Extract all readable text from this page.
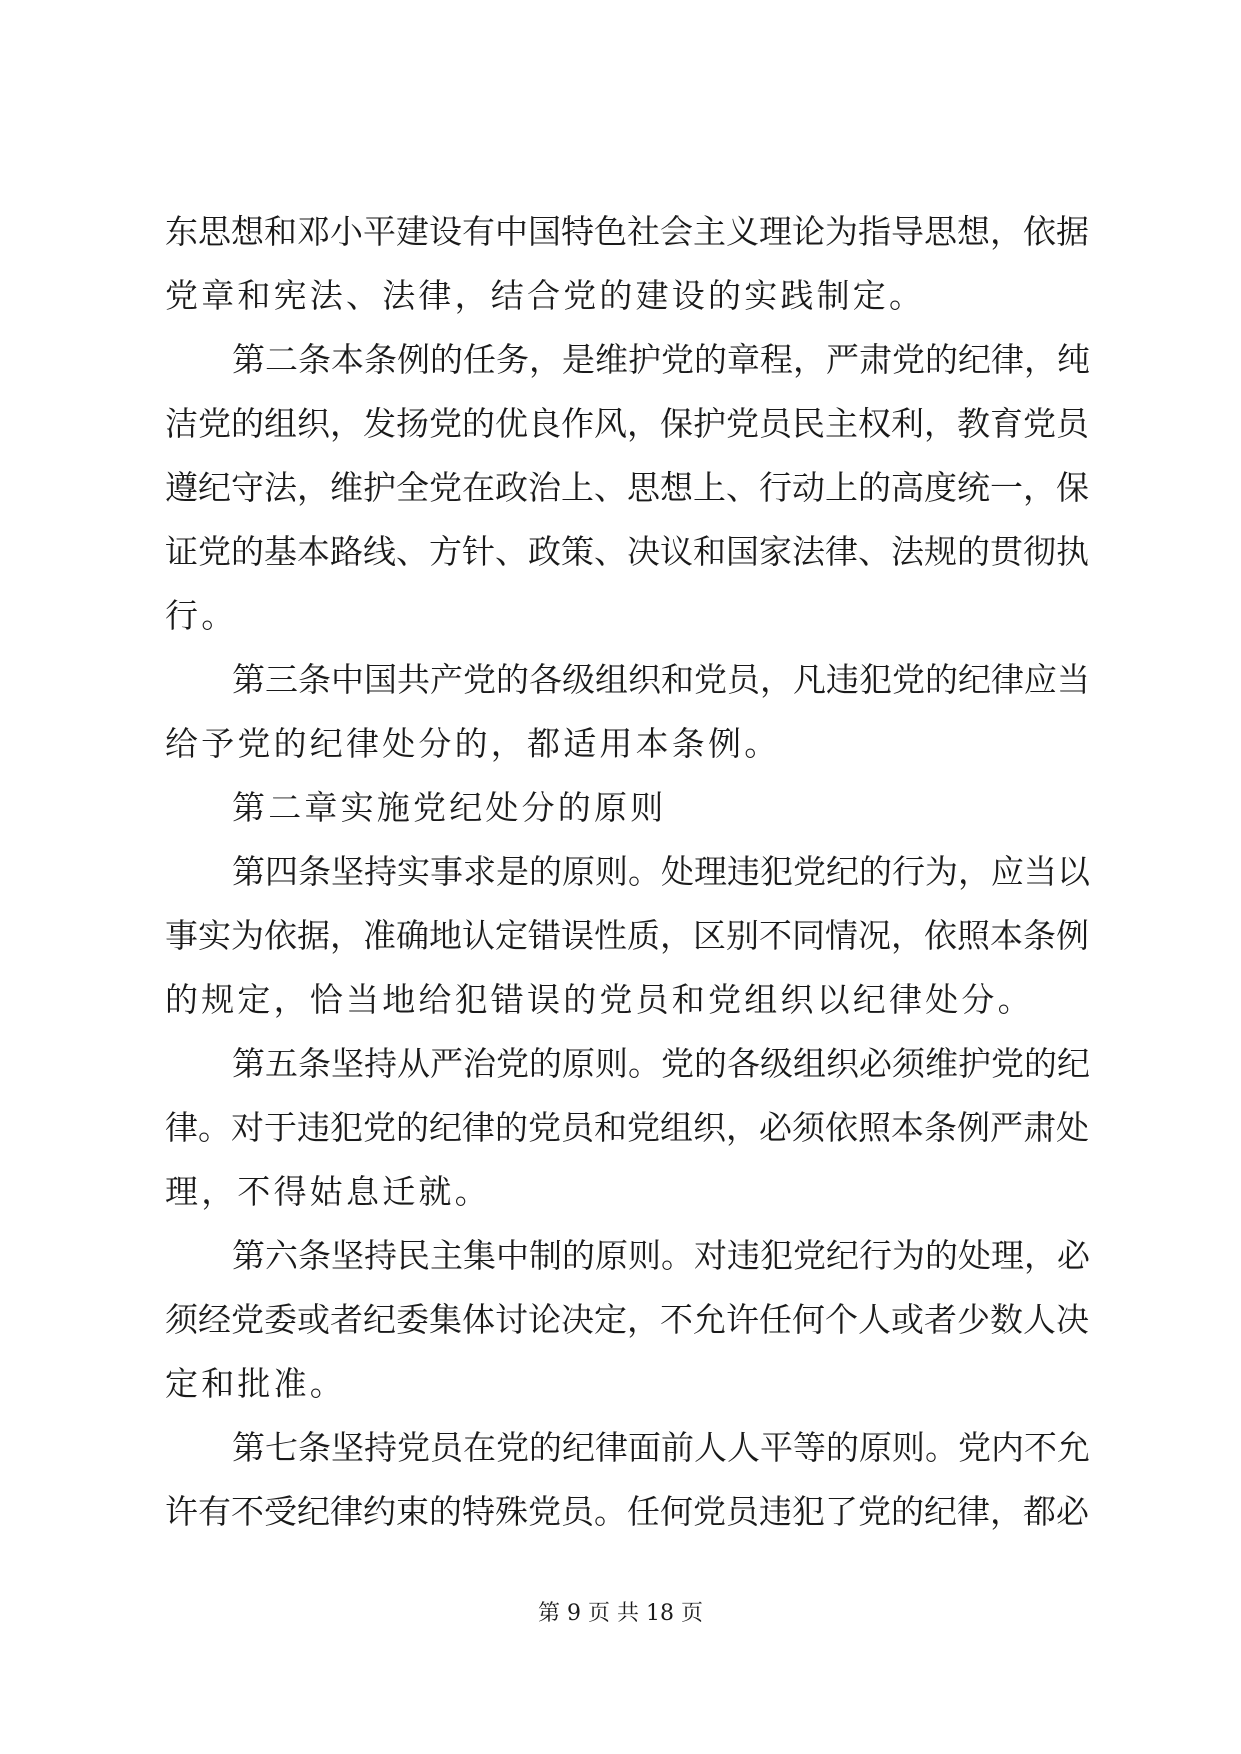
东思想和邓小平建设有中国特色社会主义理论为指导思想，依据
党章和宪法、法律，结合党的建设的实践制定。
第二条本条例的任务，是维护党的章程，严肃党的纪律，纯
洁党的组织，发扬党的优良作风，保护党员民主权利，教育党员
遵纪守法，维护全党在政治上、思想上、行动上的高度统一，保
证党的基本路线、方针、政策、决议和国家法律、法规的贯彻执
行。
第三条中国共产党的各级组织和党员，凡违犯党的纪律应当
给予党的纪律处分的，都适用本条例。
第二章实施党纪处分的原则
第四条坚持实事求是的原则。处理违犯党纪的行为，应当以
事实为依据，准确地认定错误性质，区别不同情况，依照本条例
的规定，恰当地给犯错误的党员和党组织以纪律处分。
第五条坚持从严治党的原则。党的各级组织必须维护党的纪
律。对于违犯党的纪律的党员和党组织，必须依照本条例严肃处
理，不得姑息迁就。
第六条坚持民主集中制的原则。对违犯党纪行为的处理，必
须经党委或者纪委集体讨论决定，不允许任何个人或者少数人决
定和批准。
第七条坚持党员在党的纪律面前人人平等的原则。党内不允
许有不受纪律约束的特殊党员。任何党员违犯了党的纪律，都必
第 9 页 共 18 页
